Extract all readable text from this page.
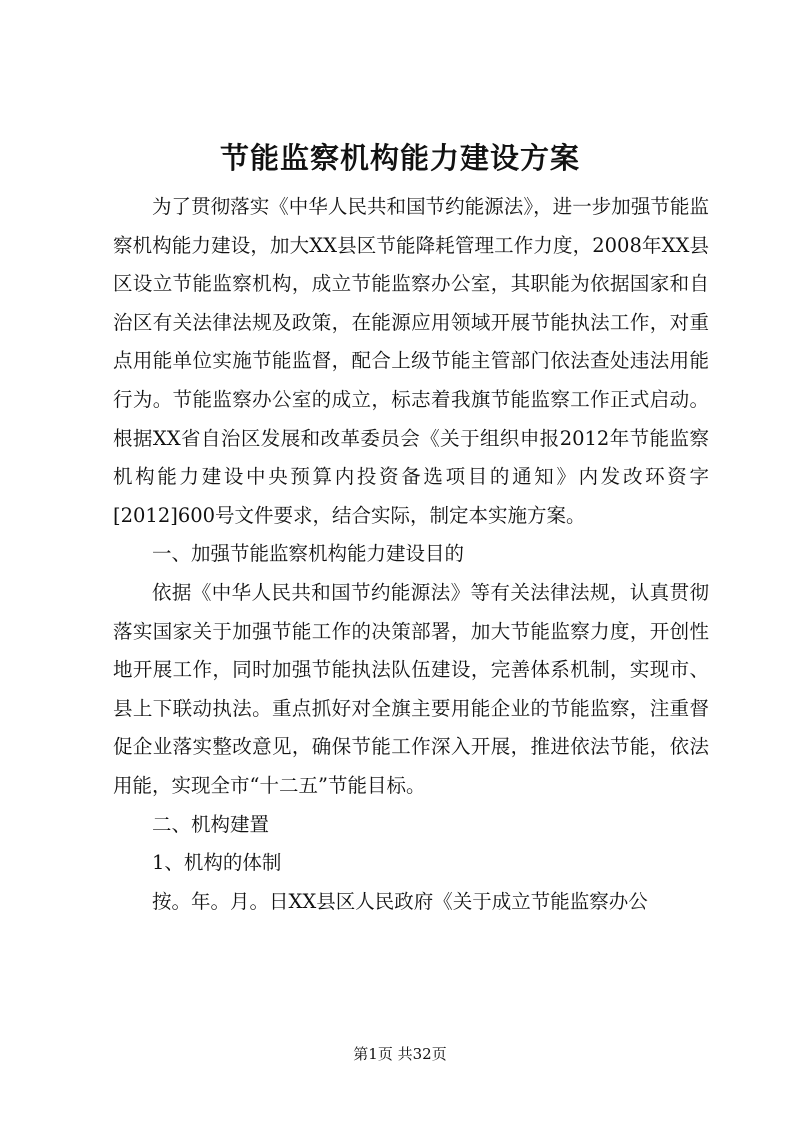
节能监察机构能力建设方案

为了贯彻落实《中华人民共和国节约能源法》，进一步加强节能监察机构能力建设，加大XX县区节能降耗管理工作力度，2008年XX县区设立节能监察机构，成立节能监察办公室，其职能为依据国家和自治区有关法律法规及政策，在能源应用领域开展节能执法工作，对重点用能单位实施节能监督，配合上级节能主管部门依法查处违法用能行为。节能监察办公室的成立，标志着我旗节能监察工作正式启动。根据XX省自治区发展和改革委员会《关于组织申报2012年节能监察机构能力建设中央预算内投资备选项目的通知》内发改环资字[2012]600号文件要求，结合实际，制定本实施方案。

一、加强节能监察机构能力建设目的

依据《中华人民共和国节约能源法》等有关法律法规，认真贯彻落实国家关于加强节能工作的决策部署，加大节能监察力度，开创性地开展工作，同时加强节能执法队伍建设，完善体系机制，实现市、县上下联动执法。重点抓好对全旗主要用能企业的节能监察，注重督促企业落实整改意见，确保节能工作深入开展，推进依法节能，依法用能，实现全市“十二五”节能目标。

二、机构建置

1、机构的体制

按。年。月。日XX县区人民政府《关于成立节能监察办公

第1页 共32页
